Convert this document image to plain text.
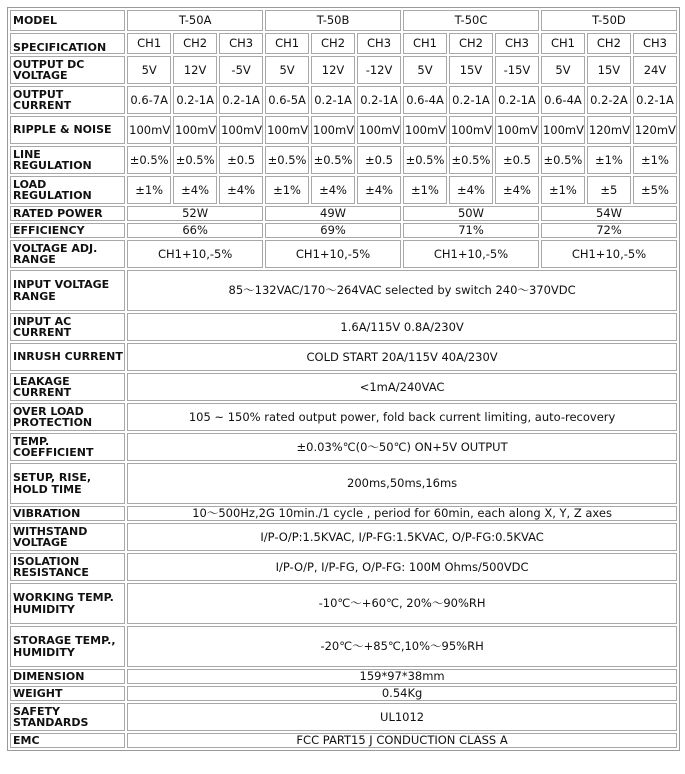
MODEL	T-50A			T-50B			T-50C			T-50D		
SPECIFICATION	CH1	CH2	CH3	CH1	CH2	CH3	CH1	CH2	CH3	CH1	CH2	CH3
OUTPUT DC VOLTAGE	5V	12V	-5V	5V	12V	-12V	5V	15V	-15V	5V	15V	24V
OUTPUT CURRENT	0.6-7A	0.2-1A	0.2-1A	0.6-5A	0.2-1A	0.2-1A	0.6-4A	0.2-1A	0.2-1A	0.6-4A	0.2-2A	0.2-1A
RIPPLE & NOISE	100mV	100mV	100mV	100mV	100mV	100mV	100mV	100mV	100mV	100mV	120mV	120mV
LINE REGULATION	±0.5%	±0.5%	±0.5	±0.5%	±0.5%	±0.5	±0.5%	±0.5%	±0.5	±0.5%	±1%	±1%
LOAD REGULATION	±1%	±4%	±4%	±1%	±4%	±4%	±1%	±4%	±4%	±1%	±5	±5%
RATED POWER	52W			49W			50W			54W		
EFFICIENCY	66%			69%			71%			72%		
VOLTAGE ADJ. RANGE	CH1+10,-5%			CH1+10,-5%			CH1+10,-5%			CH1+10,-5%		
INPUT VOLTAGE RANGE	85～132VAC/170～264VAC selected by switch 240～370VDC											
INPUT AC CURRENT	1.6A/115V 0.8A/230V											
INRUSH CURRENT	COLD START 20A/115V 40A/230V											
LEAKAGE CURRENT	<1mA/240VAC											
OVER LOAD PROTECTION	105 ~ 150% rated output power, fold back current limiting, auto-recovery											
TEMP. COEFFICIENT	±0.03%℃(0～50℃) ON+5V OUTPUT											
SETUP, RISE, HOLD TIME	200ms,50ms,16ms											
VIBRATION	10～500Hz,2G 10min./1 cycle , period for 60min, each along X, Y, Z axes											
WITHSTAND VOLTAGE	I/P-O/P:1.5KVAC, I/P-FG:1.5KVAC, O/P-FG:0.5KVAC											
ISOLATION RESISTANCE	I/P-O/P, I/P-FG, O/P-FG: 100M Ohms/500VDC											
WORKING TEMP. HUMIDITY	-10℃～+60℃, 20%～90%RH											
STORAGE TEMP., HUMIDITY	-20℃～+85℃,10%～95%RH											
DIMENSION	159*97*38mm											
WEIGHT	0.54Kg											
SAFETY STANDARDS	UL1012											
EMC	FCC PART15 J CONDUCTION CLASS A											
